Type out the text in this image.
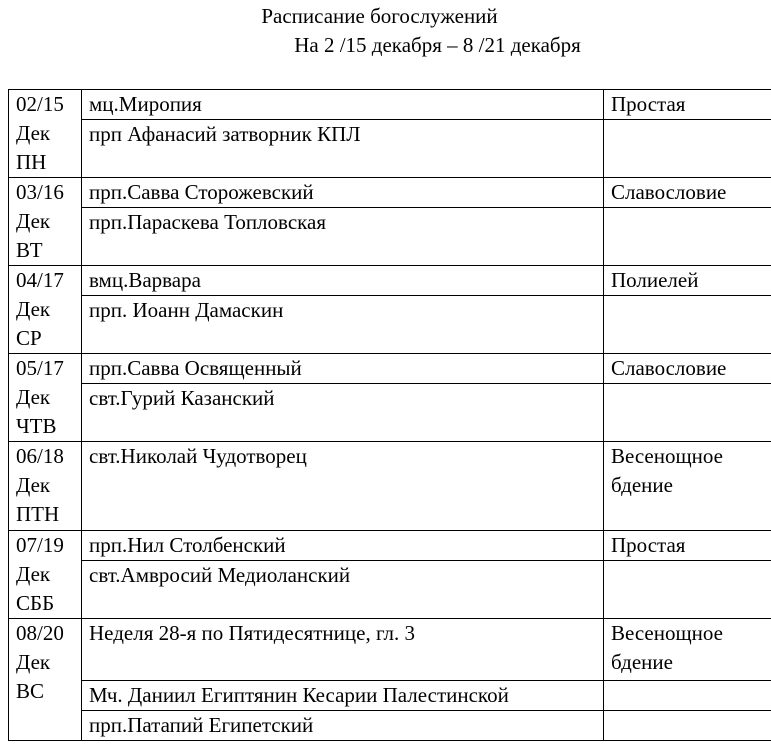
Расписание богослужений
На 2 /15 декабря – 8 /21 декабря
02/15
Дек
ПН	мц.Миропия	Простая
	прп Афанасий затворник КПЛ	

03/16
Дек
ВТ	прп.Савва Сторожевский	Славословие
	прп.Параскева Топловская	

04/17
Дек
СР	вмц.Варвара	Полиелей
	прп. Иоанн Дамаскин	

05/17
Дек
ЧТВ	прп.Савва Освященный	Славословие
	свт.Гурий Казанский	

06/18
Дек
ПТН	свт.Николай Чудотворец	Весенощное
бдение

07/19
Дек
СББ	прп.Нил Столбенский	Простая
	свт.Амвросий Медиоланский	

08/20
Дек
ВС	Неделя 28-я по Пятидесятнице, гл. 3	Весенощное
бдение

	Мч. Даниил Египтянин Кесарии Палестинской	
	прп.Патапий Египетский	
